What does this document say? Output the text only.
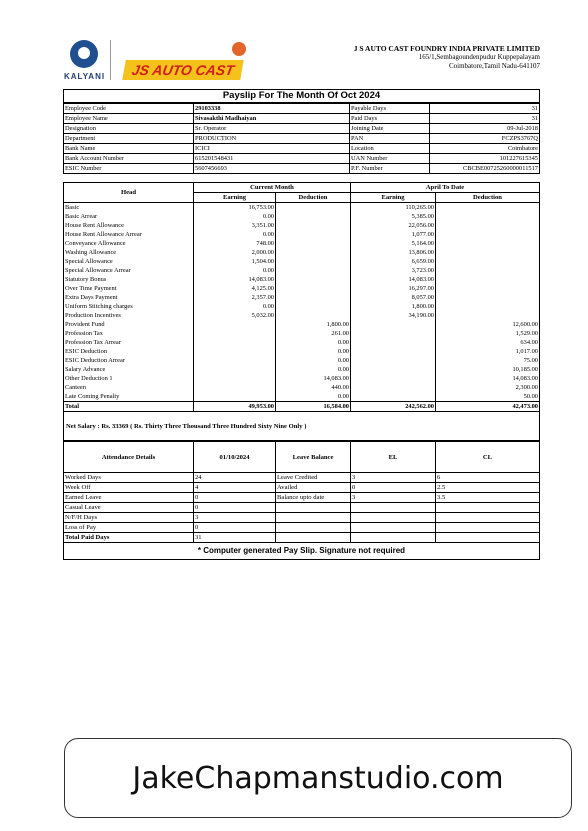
KALYANI	JS AUTO CAST
J S AUTO CAST FOUNDRY INDIA PRIVATE LIMITED
165/1,Sembagoundenpudur Kuppepalayam
Coimbatore,Tamil Nadu-641107
Payslip For The Month Of Oct 2024
Employee Code	29103338	Payable Days	31
Employee Name	Sivasakthi Madhaiyan	Paid Days	31
Designation	Sr. Operator	Joining Date	09-Jul-2018
Department	PRODUCTION	PAN	FCZPS3767Q
Bank Name	ICICI	Location	Coimbatore
Bank Account Number	615201548431	UAN Number	101227615345
ESIC Number	5607456693	P.F. Number	CBCBE00725260000011517
Head	Current Month		April To Date	
	Earning	Deduction	Earning	Deduction
Basic	16,753.00		110,265.00	
Basic Arrear	0.00		5,385.00	
House Rent Allowance	3,351.00		22,056.00	
House Rent Allowance Arrear	0.00		1,077.00	
Conveyance Allowance	748.00		5,164.00	
Washing Allowance	2,000.00		13,806.00	
Special Allowance	1,504.00		6,659.00	
Special Allowance Arrear	0.00		3,723.00	
Statutory Bonus	14,083.00		14,083.00	
Over Time Payment	4,125.00		16,297.00	
Extra Days Payment	2,357.00		8,057.00	
Uniform Stitching charges	0.00		1,800.00	
Production Incentives	5,032.00		34,190.00	
Provident Fund		1,800.00		12,600.00
Profession Tax		261.00		1,529.00
Profession Tax Arrear		0.00		634.00
ESIC Deduction		0.00		1,017.00
ESIC Deduction Arrear		0.00		75.00
Salary Advance		0.00		10,185.00
Other Deduction 1		14,083.00		14,083.00
Canteen		440.00		2,300.00
Late Coming Penalty		0.00		50.00

Total	49,953.00	16,584.00	242,562.00	42,473.00
Net Salary : Rs. 33369 ( Rs. Thirty Three Thousand Three Hundred Sixty Nine Only )
Attendance Details	01/10/2024	Leave Balance	EL	CL
Worked Days	24	Leave Credited	3	6
Week Off	4	Availed	0	2.5
Earned Leave	0	Balance upto date	3	3.5
Casual Leave	0			
N/F/H Days	3			
Loss of Pay	0			
Total Paid Days	31			
* Computer generated Pay Slip. Signature not required
JakeChapmanstudio.com
